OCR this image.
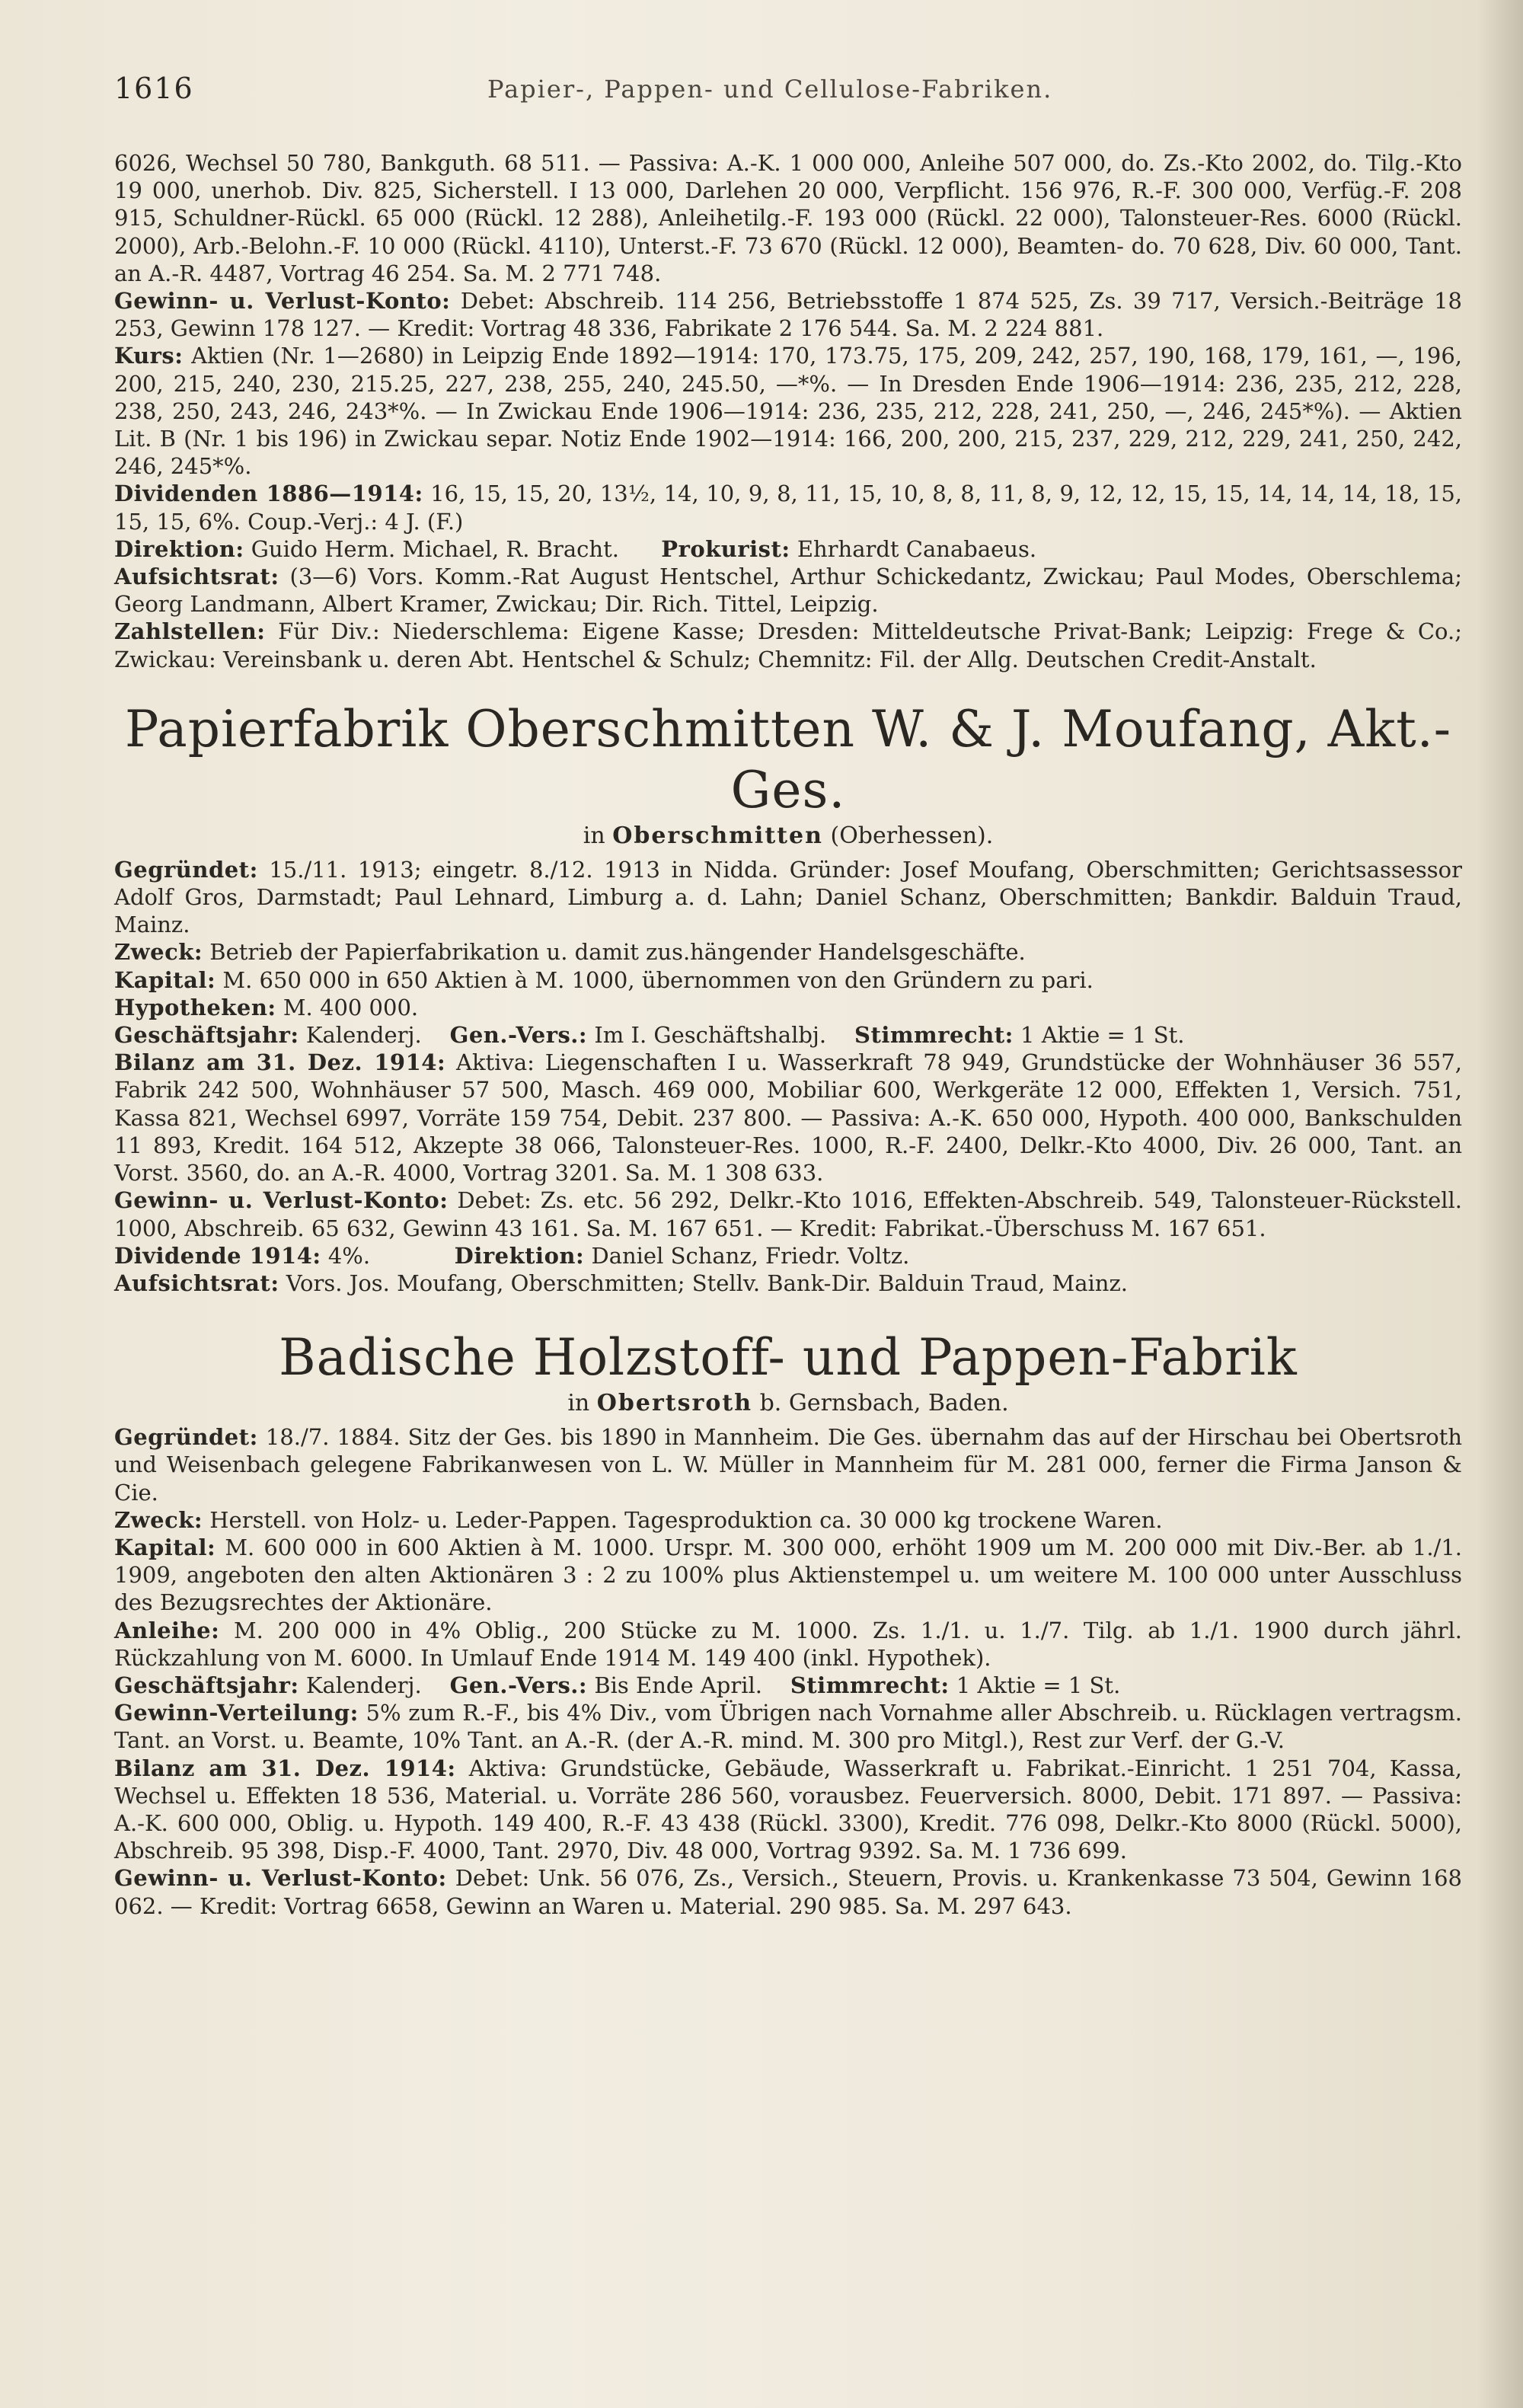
1616	Papier-, Pappen- und Cellulose-Fabriken.

6026, Wechsel 50 780, Bankguth. 68 511. — Passiva: A.-K. 1 000 000, Anleihe 507 000, do. Zs.-Kto 2002, do. Tilg.-Kto 19 000, unerhob. Div. 825, Sicherstell. I 13 000, Darlehen 20 000, Verpflicht. 156 976, R.-F. 300 000, Verfüg.-F. 208 915, Schuldner-Rückl. 65 000 (Rückl. 12 288), Anleihetilg.-F. 193 000 (Rückl. 22 000), Talonsteuer-Res. 6000 (Rückl. 2000), Arb.-Belohn.-F. 10 000 (Rückl. 4110), Unterst.-F. 73 670 (Rückl. 12 000), Beamten- do. 70 628, Div. 60 000, Tant. an A.-R. 4487, Vortrag 46 254. Sa. M. 2 771 748.

Gewinn- u. Verlust-Konto: Debet: Abschreib. 114 256, Betriebsstoffe 1 874 525, Zs. 39 717, Versich.-Beiträge 18 253, Gewinn 178 127. — Kredit: Vortrag 48 336, Fabrikate 2 176 544. Sa. M. 2 224 881.

Kurs: Aktien (Nr. 1—2680) in Leipzig Ende 1892—1914: 170, 173.75, 175, 209, 242, 257, 190, 168, 179, 161, —, 196, 200, 215, 240, 230, 215.25, 227, 238, 255, 240, 245.50, —*%. — In Dresden Ende 1906—1914: 236, 235, 212, 228, 238, 250, 243, 246, 243*%. — In Zwickau Ende 1906—1914: 236, 235, 212, 228, 241, 250, —, 246, 245*%). — Aktien Lit. B (Nr. 1 bis 196) in Zwickau separ. Notiz Ende 1902—1914: 166, 200, 200, 215, 237, 229, 212, 229, 241, 250, 242, 246, 245*%.

Dividenden 1886—1914: 16, 15, 15, 20, 13½, 14, 10, 9, 8, 11, 15, 10, 8, 8, 11, 8, 9, 12, 12, 15, 15, 14, 14, 14, 18, 15, 15, 15, 6%. Coup.-Verj.: 4 J. (F.)

Direktion: Guido Herm. Michael, R. Bracht. Prokurist: Ehrhardt Canabaeus.

Aufsichtsrat: (3—6) Vors. Komm.-Rat August Hentschel, Arthur Schickedantz, Zwickau; Paul Modes, Oberschlema; Georg Landmann, Albert Kramer, Zwickau; Dir. Rich. Tittel, Leipzig.

Zahlstellen: Für Div.: Niederschlema: Eigene Kasse; Dresden: Mitteldeutsche Privat-Bank; Leipzig: Frege & Co.; Zwickau: Vereinsbank u. deren Abt. Hentschel & Schulz; Chemnitz: Fil. der Allg. Deutschen Credit-Anstalt.

Papierfabrik Oberschmitten W. & J. Moufang, Akt.-Ges.
in Oberschmitten (Oberhessen).

Gegründet: 15./11. 1913; eingetr. 8./12. 1913 in Nidda. Gründer: Josef Moufang, Oberschmitten; Gerichtsassessor Adolf Gros, Darmstadt; Paul Lehnard, Limburg a. d. Lahn; Daniel Schanz, Oberschmitten; Bankdir. Balduin Traud, Mainz.

Zweck: Betrieb der Papierfabrikation u. damit zus.hängender Handelsgeschäfte.

Kapital: M. 650 000 in 650 Aktien à M. 1000, übernommen von den Gründern zu pari.

Hypotheken: M. 400 000.

Geschäftsjahr: Kalenderj. Gen.-Vers.: Im I. Geschäftshalbj. Stimmrecht: 1 Aktie = 1 St.

Bilanz am 31. Dez. 1914: Aktiva: Liegenschaften I u. Wasserkraft 78 949, Grundstücke der Wohnhäuser 36 557, Fabrik 242 500, Wohnhäuser 57 500, Masch. 469 000, Mobiliar 600, Werkgeräte 12 000, Effekten 1, Versich. 751, Kassa 821, Wechsel 6997, Vorräte 159 754, Debit. 237 800. — Passiva: A.-K. 650 000, Hypoth. 400 000, Bankschulden 11 893, Kredit. 164 512, Akzepte 38 066, Talonsteuer-Res. 1000, R.-F. 2400, Delkr.-Kto 4000, Div. 26 000, Tant. an Vorst. 3560, do. an A.-R. 4000, Vortrag 3201. Sa. M. 1 308 633.

Gewinn- u. Verlust-Konto: Debet: Zs. etc. 56 292, Delkr.-Kto 1016, Effekten-Abschreib. 549, Talonsteuer-Rückstell. 1000, Abschreib. 65 632, Gewinn 43 161. Sa. M. 167 651. — Kredit: Fabrikat.-Überschuss M. 167 651.

Dividende 1914: 4%.	Direktion: Daniel Schanz, Friedr. Voltz.

Aufsichtsrat: Vors. Jos. Moufang, Oberschmitten; Stellv. Bank-Dir. Balduin Traud, Mainz.

Badische Holzstoff- und Pappen-Fabrik
in Obertsroth b. Gernsbach, Baden.

Gegründet: 18./7. 1884. Sitz der Ges. bis 1890 in Mannheim. Die Ges. übernahm das auf der Hirschau bei Obertsroth und Weisenbach gelegene Fabrikanwesen von L. W. Müller in Mannheim für M. 281 000, ferner die Firma Janson & Cie.

Zweck: Herstell. von Holz- u. Leder-Pappen. Tagesproduktion ca. 30 000 kg trockene Waren.

Kapital: M. 600 000 in 600 Aktien à M. 1000. Urspr. M. 300 000, erhöht 1909 um M. 200 000 mit Div.-Ber. ab 1./1. 1909, angeboten den alten Aktionären 3 : 2 zu 100% plus Aktienstempel u. um weitere M. 100 000 unter Ausschluss des Bezugsrechtes der Aktionäre.

Anleihe: M. 200 000 in 4% Oblig., 200 Stücke zu M. 1000. Zs. 1./1. u. 1./7. Tilg. ab 1./1. 1900 durch jährl. Rückzahlung von M. 6000. In Umlauf Ende 1914 M. 149 400 (inkl. Hypothek).

Geschäftsjahr: Kalenderj. Gen.-Vers.: Bis Ende April. Stimmrecht: 1 Aktie = 1 St.

Gewinn-Verteilung: 5% zum R.-F., bis 4% Div., vom Übrigen nach Vornahme aller Abschreib. u. Rücklagen vertragsm. Tant. an Vorst. u. Beamte, 10% Tant. an A.-R. (der A.-R. mind. M. 300 pro Mitgl.), Rest zur Verf. der G.-V.

Bilanz am 31. Dez. 1914: Aktiva: Grundstücke, Gebäude, Wasserkraft u. Fabrikat.-Einricht. 1 251 704, Kassa, Wechsel u. Effekten 18 536, Material. u. Vorräte 286 560, vorausbez. Feuerversich. 8000, Debit. 171 897. — Passiva: A.-K. 600 000, Oblig. u. Hypoth. 149 400, R.-F. 43 438 (Rückl. 3300), Kredit. 776 098, Delkr.-Kto 8000 (Rückl. 5000), Abschreib. 95 398, Disp.-F. 4000, Tant. 2970, Div. 48 000, Vortrag 9392. Sa. M. 1 736 699.

Gewinn- u. Verlust-Konto: Debet: Unk. 56 076, Zs., Versich., Steuern, Provis. u. Krankenkasse 73 504, Gewinn 168 062. — Kredit: Vortrag 6658, Gewinn an Waren u. Material. 290 985. Sa. M. 297 643.
